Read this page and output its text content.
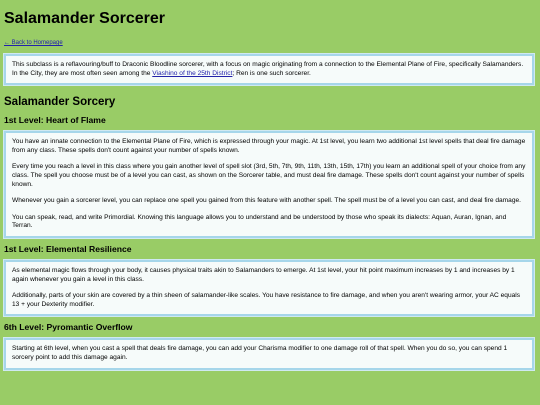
Salamander Sorcerer
← Back to Homepage
This subclass is a reflavouring/buff to Draconic Bloodline sorcerer, with a focus on magic originating from a connection to the Elemental Plane of Fire, specifically Salamanders. In the City, they are most often seen among the Viashino of the 25th District; Ren is one such sorcerer.
Salamander Sorcery
1st Level: Heart of Flame

You have an innate connection to the Elemental Plane of Fire, which is expressed through your magic. At 1st level, you learn two additional 1st level spells that deal fire damage from any class. These spells don't count against your number of spells known.

Every time you reach a level in this class where you gain another level of spell slot (3rd, 5th, 7th, 9th, 11th, 13th, 15th, 17th) you learn an additional spell of your choice from any class. The spell you choose must be of a level you can cast, as shown on the Sorcerer table, and must deal fire damage. These spells don't count against your number of spells known.

Whenever you gain a sorcerer level, you can replace one spell you gained from this feature with another spell. The spell must be of a level you can cast, and deal fire damage.

You can speak, read, and write Primordial. Knowing this language allows you to understand and be understood by those who speak its dialects: Aquan, Auran, Ignan, and Terran.

1st Level: Elemental Resilience

As elemental magic flows through your body, it causes physical traits akin to Salamanders to emerge. At 1st level, your hit point maximum increases by 1 and increases by 1 again whenever you gain a level in this class.

Additionally, parts of your skin are covered by a thin sheen of salamander-like scales. You have resistance to fire damage, and when you aren't wearing armor, your AC equals 13 + your Dexterity modifier.

6th Level: Pyromantic Overflow

Starting at 6th level, when you cast a spell that deals fire damage, you can add your Charisma modifier to one damage roll of that spell. When you do so, you can spend 1 sorcery point to add this damage again.
